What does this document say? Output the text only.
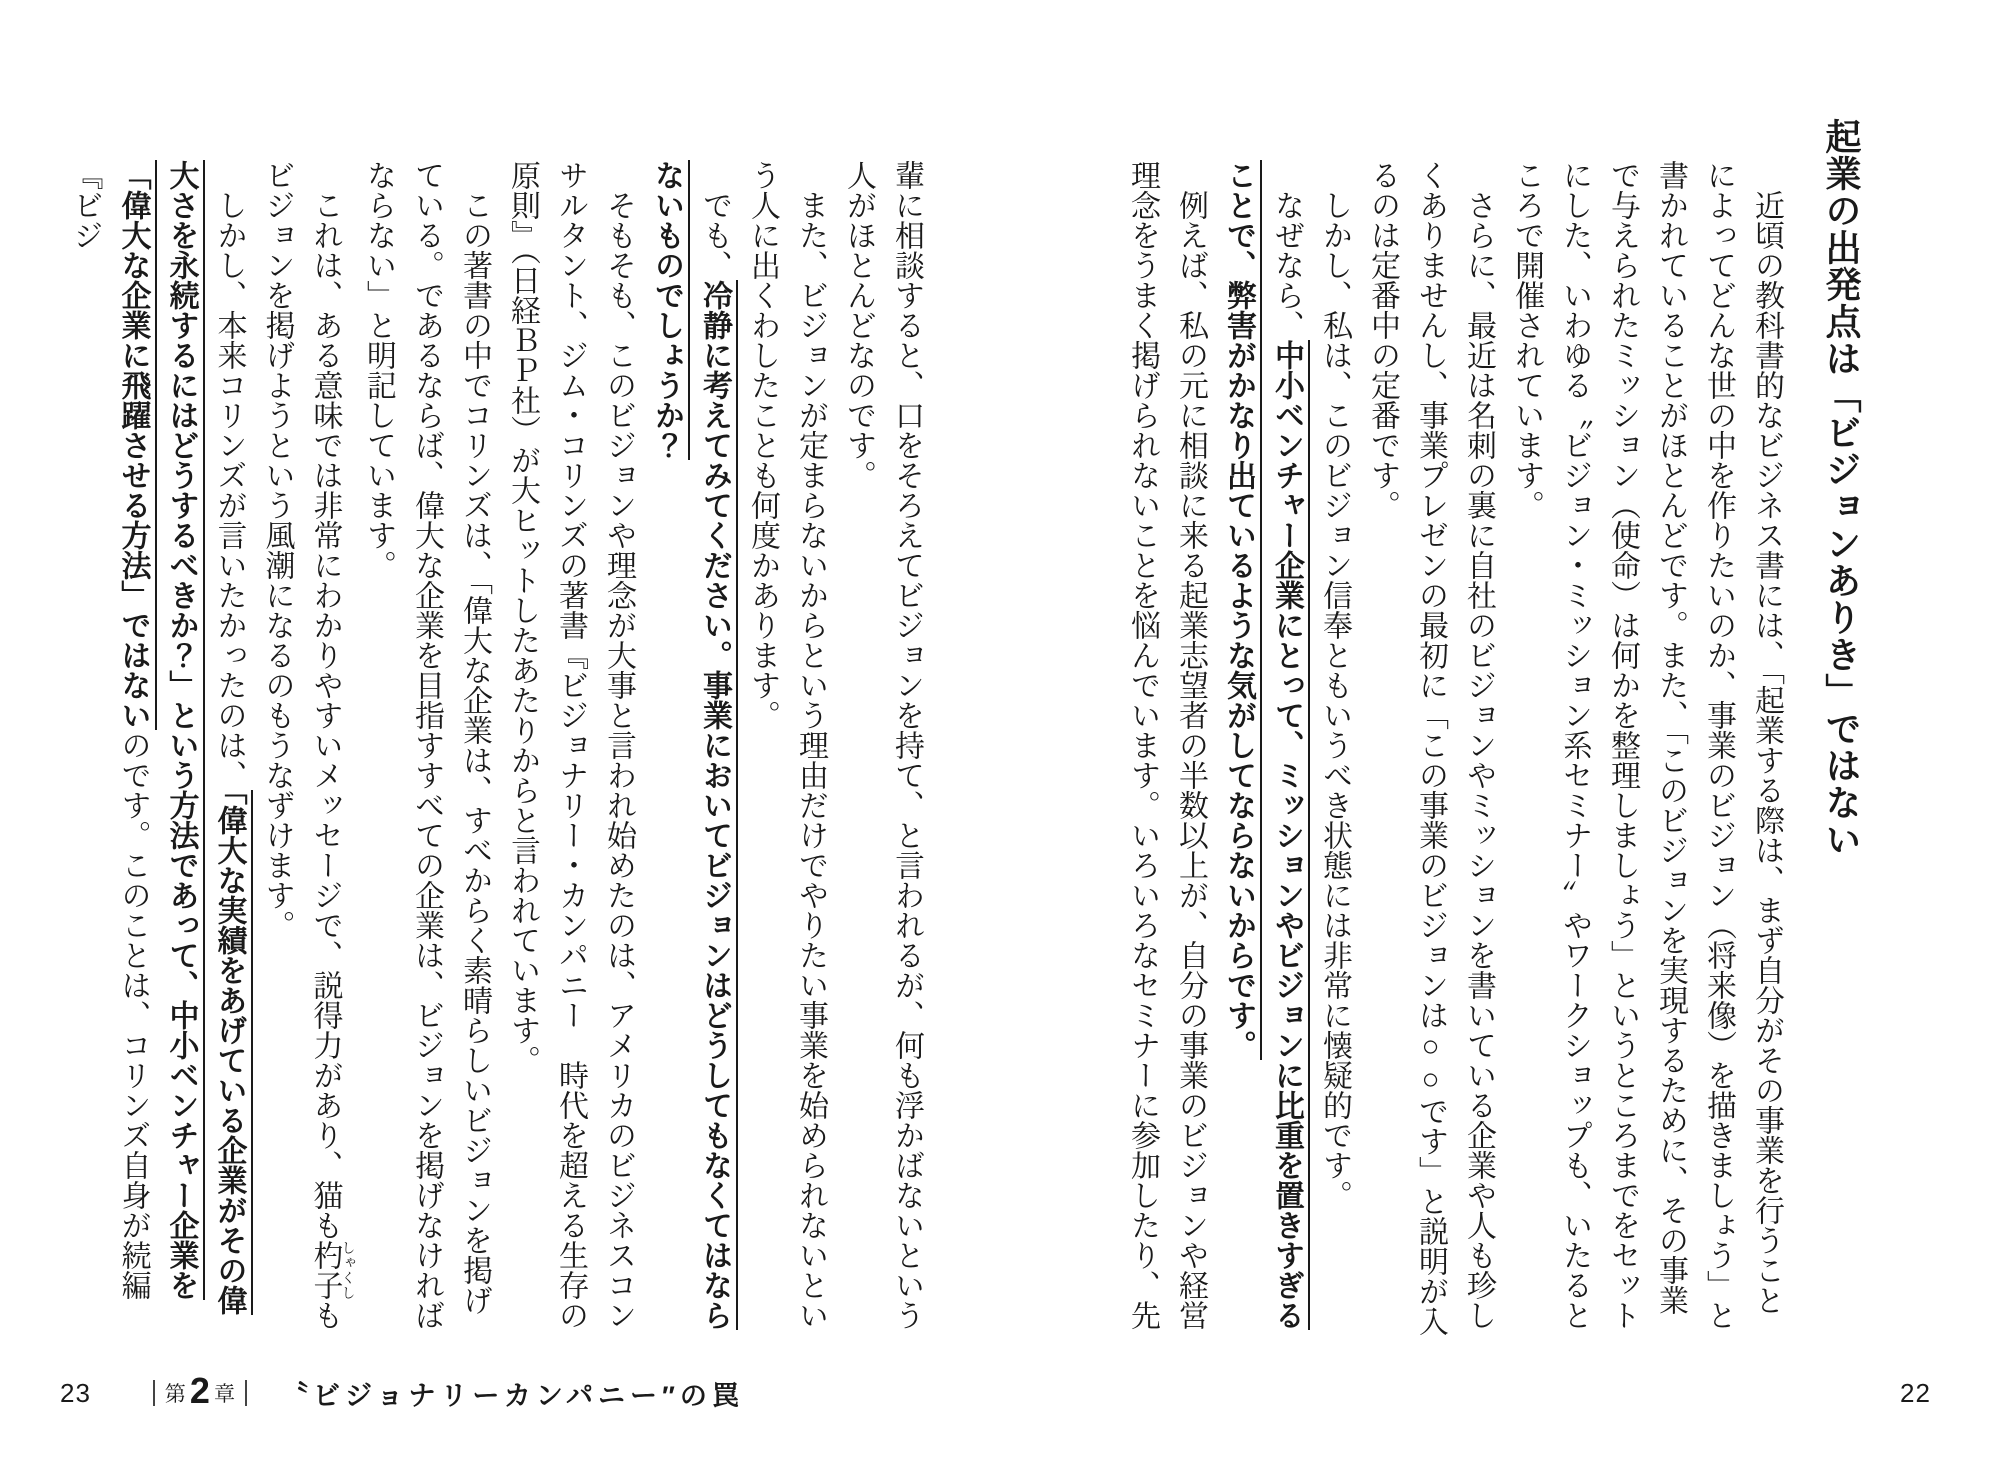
起業の出発点は「ビジョンありき」ではない

近頃の教科書的なビジネス書には、「起業する際は、まず自分がその事業を行うことによってどんな世の中を作りたいのか、事業のビジョン（将来像）を描きましょう」と書かれていることがほとんどです。また、「このビジョンを実現するために、その事業で与えられたミッション（使命）は何かを整理しましょう」というところまでをセットにした、いわゆる〝ビジョン・ミッション系セミナー〟やワークショップも、いたるところで開催されています。

さらに、最近は名刺の裏に自社のビジョンやミッションを書いている企業や人も珍しくありませんし、事業プレゼンの最初に「この事業のビジョンは○○です」と説明が入るのは定番中の定番です。

しかし、私は、このビジョン信奉ともいうべき状態には非常に懐疑的です。

なぜなら、中小ベンチャー企業にとって、ミッションやビジョンに比重を置きすぎることで、弊害がかなり出ているような気がしてならないからです。

例えば、私の元に相談に来る起業志望者の半数以上が、自分の事業のビジョンや経営理念をうまく掲げられないことを悩んでいます。いろいろなセミナーに参加したり、先

22

輩に相談すると、口をそろえてビジョンを持て、と言われるが、何も浮かばないという人がほとんどなのです。

また、ビジョンが定まらないからという理由だけでやりたい事業を始められないという人に出くわしたことも何度かあります。

でも、冷静に考えてみてください。事業においてビジョンはどうしてもなくてはならないものでしょうか？

そもそも、このビジョンや理念が大事と言われ始めたのは、アメリカのビジネスコンサルタント、ジム・コリンズの著書『ビジョナリー・カンパニー　時代を超える生存の原則』（日経ＢＰ社）が大ヒットしたあたりからと言われています。

この著書の中でコリンズは、「偉大な企業は、すべからく素晴らしいビジョンを掲げている。であるならば、偉大な企業を目指すすべての企業は、ビジョンを掲げなければならない」と明記しています。

これは、ある意味では非常にわかりやすいメッセージで、説得力があり、猫も杓子しゃくしもビジョンを掲げようという風潮になるのもうなずけます。

しかし、本来コリンズが言いたかったのは、「偉大な実績をあげている企業がその偉大さを永続するにはどうするべきか？」という方法であって、中小ベンチャー企業を「偉大な企業に飛躍させる方法」ではないのです。このことは、コリンズ自身が続編『ビジ

23	第 2 章 〝ビジョナリーカンパニー″の罠
